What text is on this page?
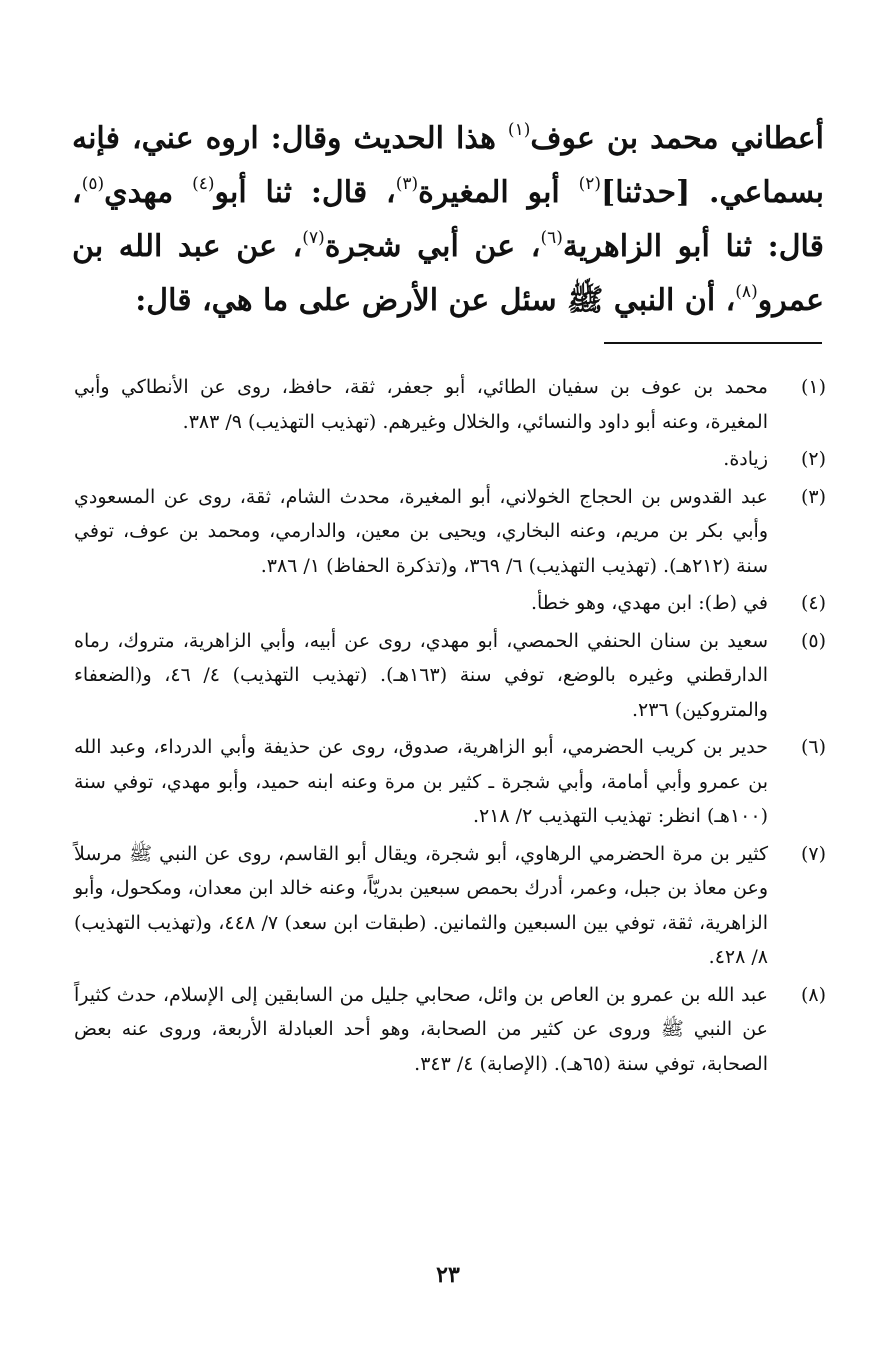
أعطاني محمد بن عوف$^{(١)}$ هذا الحديث وقال: اروه عني، فإنه بسماعي. [حدثنا]$^{(٢)}$ أبو المغيرة$^{(٣)}$، قال: ثنا أبو$^{(٤)}$ مهدي$^{(٥)}$، قال: ثنا أبو الزاهرية$^{(٦)}$، عن أبي شجرة$^{(٧)}$، عن عبد الله بن عمرو$^{(٨)}$، أن النبي ﷺ سئل عن الأرض على ما هي، قال:

(١)
محمد بن عوف بن سفيان الطائي، أبو جعفر، ثقة، حافظ، روى عن الأنطاكي وأبي المغيرة، وعنه أبو داود والنسائي، والخلال وغيرهم. (تهذيب التهذيب) ٩/ ٣٨٣.
(٢)
زيادة.
(٣)
عبد القدوس بن الحجاج الخولاني، أبو المغيرة، محدث الشام، ثقة، روى عن المسعودي وأبي بكر بن مريم، وعنه البخاري، ويحيى بن معين، والدارمي، ومحمد بن عوف، توفي سنة (٢١٢هـ). (تهذيب التهذيب) ٦/ ٣٦٩، و(تذكرة الحفاظ) ١/ ٣٨٦.
(٤)
في (ط): ابن مهدي، وهو خطأ.
(٥)
سعيد بن سنان الحنفي الحمصي، أبو مهدي، روى عن أبيه، وأبي الزاهرية، متروك، رماه الدارقطني وغيره بالوضع، توفي سنة (١٦٣هـ). (تهذيب التهذيب) ٤/ ٤٦، و(الضعفاء والمتروكين) ٢٣٦.
(٦)
حدير بن كريب الحضرمي، أبو الزاهرية، صدوق، روى عن حذيفة وأبي الدرداء، وعبد الله بن عمرو وأبي أمامة، وأبي شجرة ـ كثير بن مرة وعنه ابنه حميد، وأبو مهدي، توفي سنة (١٠٠هـ) انظر: تهذيب التهذيب ٢/ ٢١٨.
(٧)
كثير بن مرة الحضرمي الرهاوي، أبو شجرة، ويقال أبو القاسم، روى عن النبي ﷺ مرسلاً وعن معاذ بن جبل، وعمر، أدرك بحمص سبعين بدريّاً، وعنه خالد ابن معدان، ومكحول، وأبو الزاهرية، ثقة، توفي بين السبعين والثمانين. (طبقات ابن سعد) ٧/ ٤٤٨، و(تهذيب التهذيب) ٨/ ٤٢٨.
(٨)
عبد الله بن عمرو بن العاص بن وائل، صحابي جليل من السابقين إلى الإسلام، حدث كثيراً عن النبي ﷺ وروى عن كثير من الصحابة، وهو أحد العبادلة الأربعة، وروى عنه بعض الصحابة، توفي سنة (٦٥هـ). (الإصابة) ٤/ ٣٤٣.
٢٣
